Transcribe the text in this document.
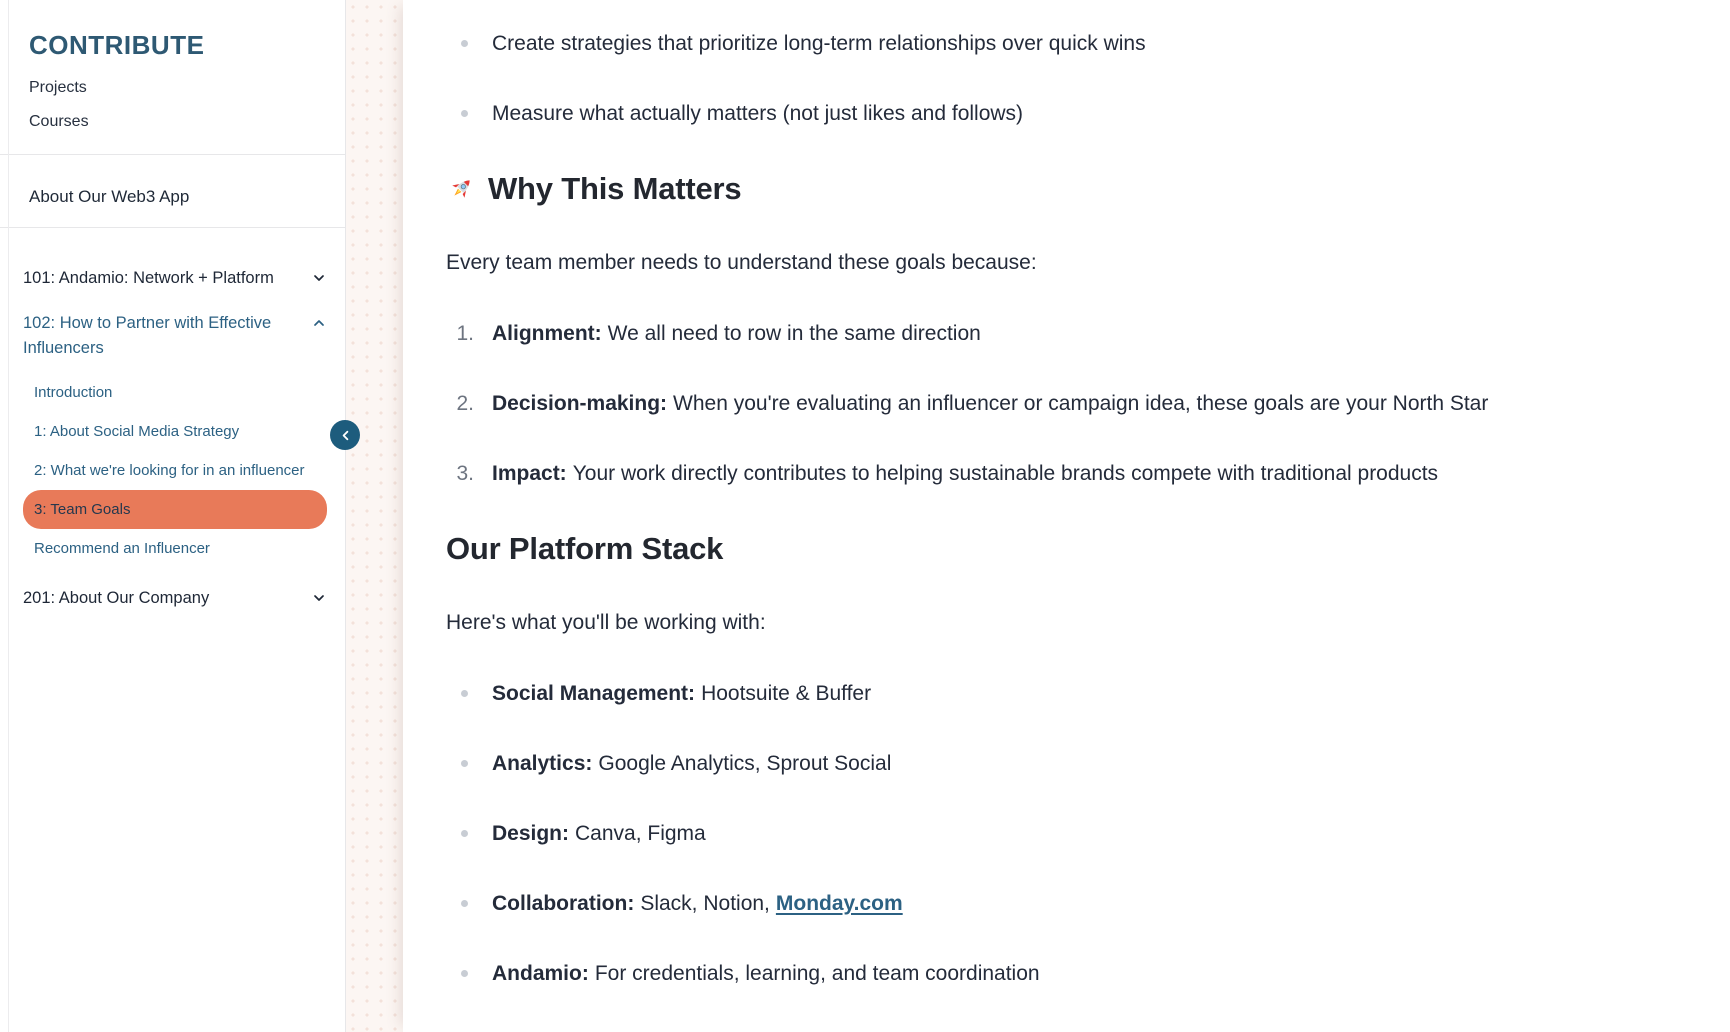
CONTRIBUTE
Projects
Courses
About Our Web3 App
101: Andamio: Network + Platform
102: How to Partner with Effective Influencers
Introduction
1: About Social Media Strategy
2: What we're looking for in an influencer
3: Team Goals
Recommend an Influencer
201: About Our Company
Create strategies that prioritize long-term relationships over quick wins
Measure what actually matters (not just likes and follows)
Why This Matters

Every team member needs to understand these goals because:

1. Alignment: We all need to row in the same direction
2. Decision-making: When you're evaluating an influencer or campaign idea, these goals are your North Star
3. Impact: Your work directly contributes to helping sustainable brands compete with traditional products
Our Platform Stack

Here's what you'll be working with:

Social Management: Hootsuite & Buffer
Analytics: Google Analytics, Sprout Social
Design: Canva, Figma
Collaboration: Slack, Notion, Monday.com
Andamio: For credentials, learning, and team coordination
